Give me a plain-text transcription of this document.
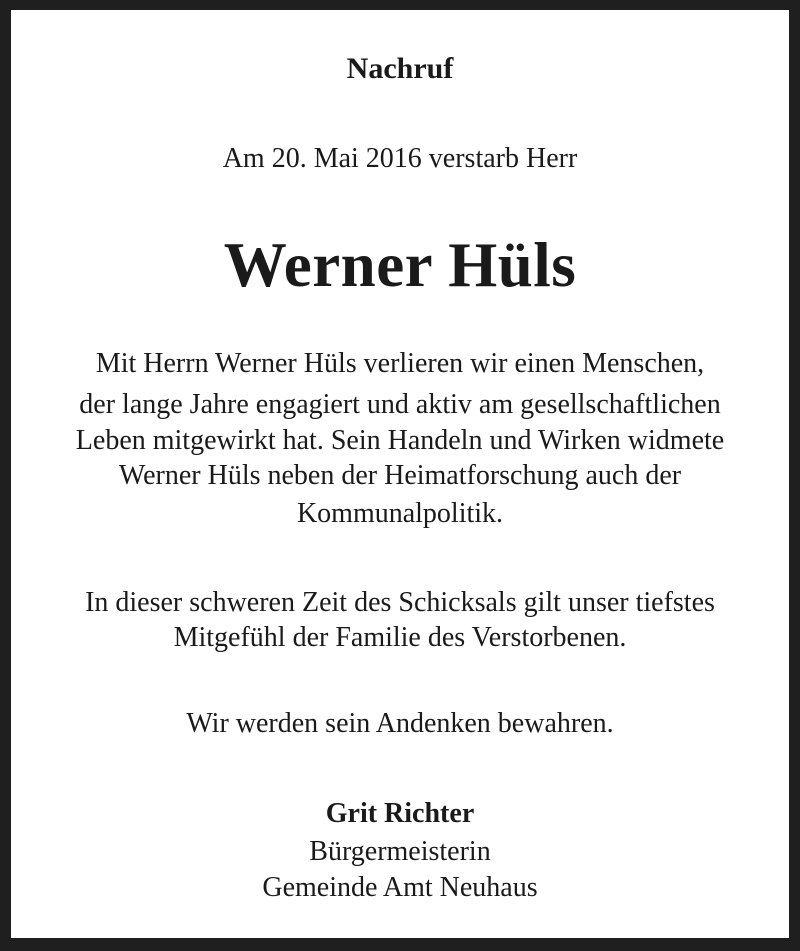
Nachruf
Am 20. Mai 2016 verstarb Herr
Werner Hüls
Mit Herrn Werner Hüls verlieren wir einen Menschen,
der lange Jahre engagiert und aktiv am gesellschaftlichen
Leben mitgewirkt hat. Sein Handeln und Wirken widmete
Werner Hüls neben der Heimatforschung auch der
Kommunalpolitik.
In dieser schweren Zeit des Schicksals gilt unser tiefstes
Mitgefühl der Familie des Verstorbenen.
Wir werden sein Andenken bewahren.
Grit Richter
Bürgermeisterin
Gemeinde Amt Neuhaus
